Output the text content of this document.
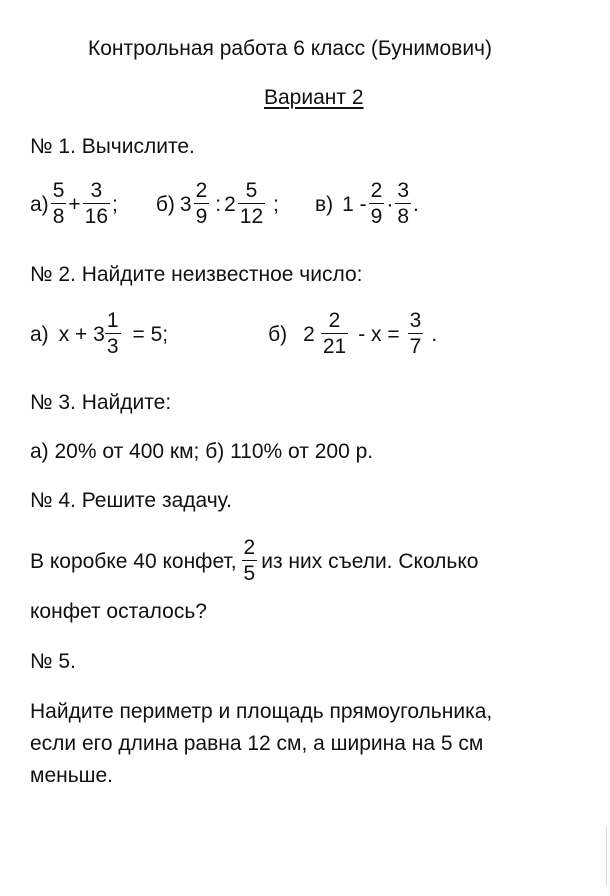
Контрольная работа 6 класс (Бунимович)
Вариант 2
№ 1. Вычислите.
$а) \frac{5}{8} + \frac{3}{16}$ ; б) $3 \frac{2}{9}$ : $2 \frac{5}{12}$ ; в) $1 - \frac{2}{9} \cdot \frac{3}{8}$ .
№ 2. Найдите неизвестное число:
а) $x + 3 \frac{1}{3} = 5$;	б) $2 \frac{2}{21} - x = \frac{3}{7}$ .
№ 3. Найдите:
а) 20% от 400 км; б) 110% от 200 р.
№ 4. Решите задачу.
В коробке 40 конфет, $\frac{2}{5}$ из них съели. Сколько
конфет осталось?
№ 5.
Найдите периметр и площадь прямоугольника,
если его длина равна 12 см, а ширина на 5 см
меньше.
